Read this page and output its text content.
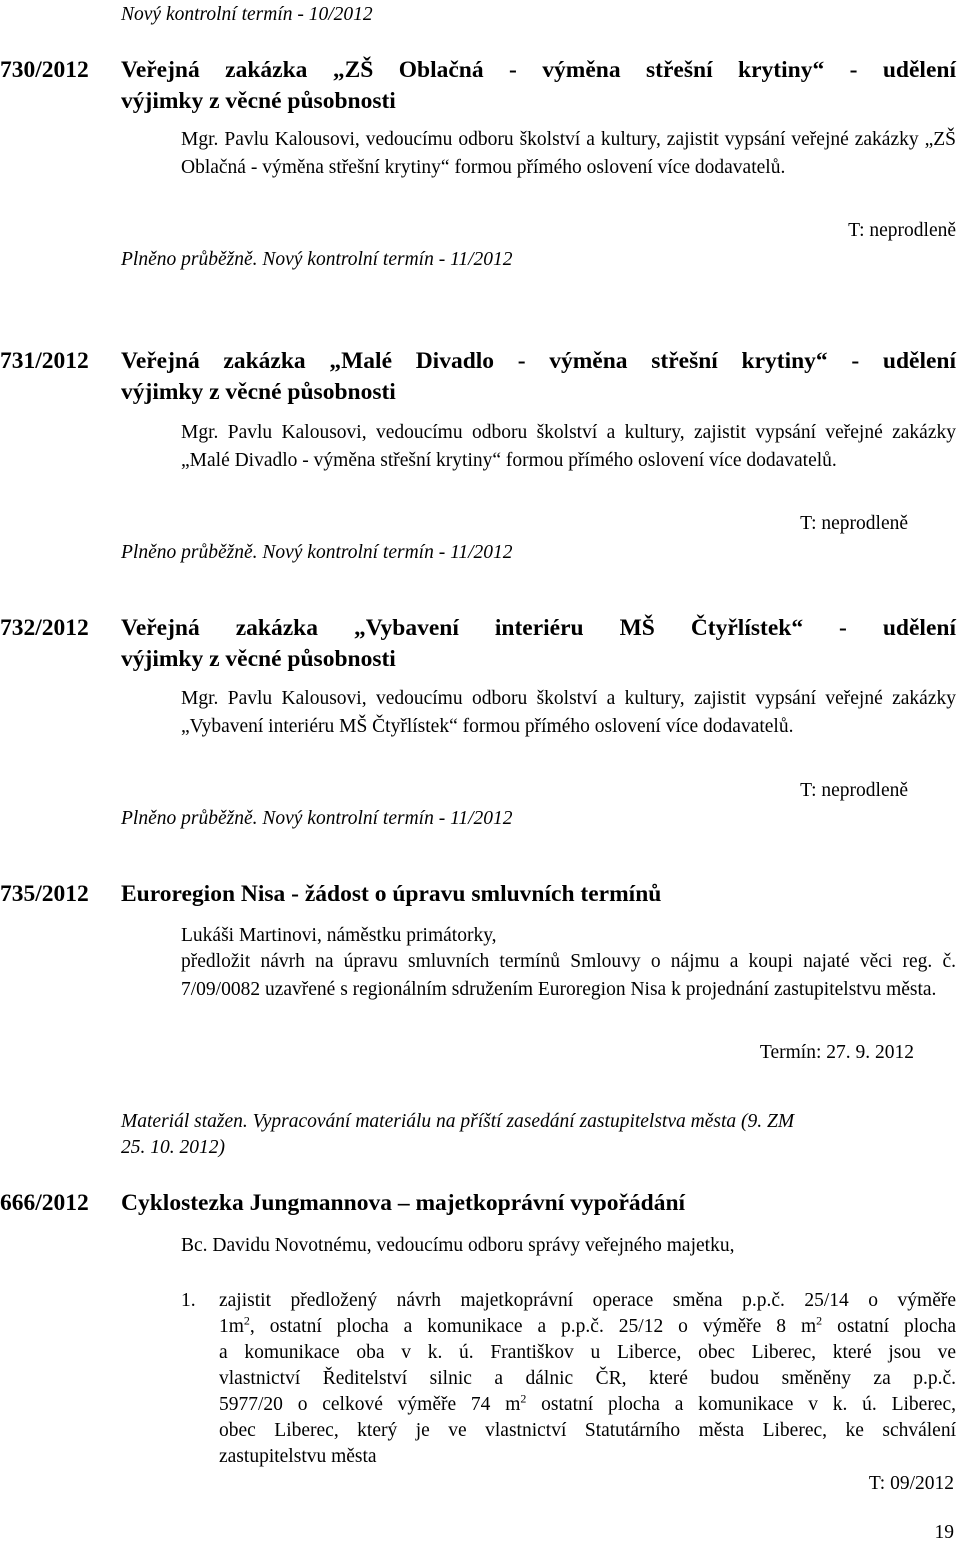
Nový kontrolní termín - 10/2012
730/2012 Veřejná zakázka „ZŠ Oblačná - výměna střešní krytiny“ - udělení
výjimky z věcné působnosti
Mgr. Pavlu Kalousovi, vedoucímu odboru školství a kultury, zajistit vypsání veřejné zakázky „ZŠ Oblačná - výměna střešní krytiny“ formou přímého oslovení více dodavatelů.
T: neprodleně
Plněno průběžně. Nový kontrolní termín - 11/2012
731/2012 Veřejná zakázka „Malé Divadlo - výměna střešní krytiny“ - udělení
výjimky z věcné působnosti
Mgr. Pavlu Kalousovi, vedoucímu odboru školství a kultury, zajistit vypsání veřejné zakázky „Malé Divadlo - výměna střešní krytiny“ formou přímého oslovení více dodavatelů.
T: neprodleně
Plněno průběžně. Nový kontrolní termín - 11/2012
732/2012 Veřejná zakázka „Vybavení interiéru MŠ Čtyřlístek“ - udělení
výjimky z věcné působnosti
Mgr. Pavlu Kalousovi, vedoucímu odboru školství a kultury, zajistit vypsání veřejné zakázky „Vybavení interiéru MŠ Čtyřlístek“ formou přímého oslovení více dodavatelů.
T: neprodleně
Plněno průběžně. Nový kontrolní termín - 11/2012
735/2012 Euroregion Nisa - žádost o úpravu smluvních termínů
Lukáši Martinovi, náměstku primátorky,
předložit návrh na úpravu smluvních termínů Smlouvy o nájmu a koupi najaté věci reg. č. 7/09/0082 uzavřené s regionálním sdružením Euroregion Nisa k projednání zastupitelstvu města.
Termín: 27. 9. 2012
Materiál stažen. Vypracování materiálu na příští zasedání zastupitelstva města (9. ZM
25. 10. 2012)
666/2012 Cyklostezka Jungmannova – majetkoprávní vypořádání
Bc. Davidu Novotnému, vedoucímu odboru správy veřejného majetku,
1. zajistit předložený návrh majetkoprávní operace směna p.p.č. 25/14 o výměře
$1m^2$, ostatní plocha a komunikace a p.p.č. 25/12 o výměře 8 $m^2$ ostatní plocha
a komunikace oba v k. ú. Františkov u Liberce, obec Liberec, které jsou ve
vlastnictví Ředitelství silnic a dálnic ČR, které budou směněny za p.p.č.
5977/20 o celkové výměře 74 $m^2$ ostatní plocha a komunikace v k. ú. Liberec,
obec Liberec, který je ve vlastnictví Statutárního města Liberec, ke schválení
zastupitelstvu města
T: 09/2012
19
